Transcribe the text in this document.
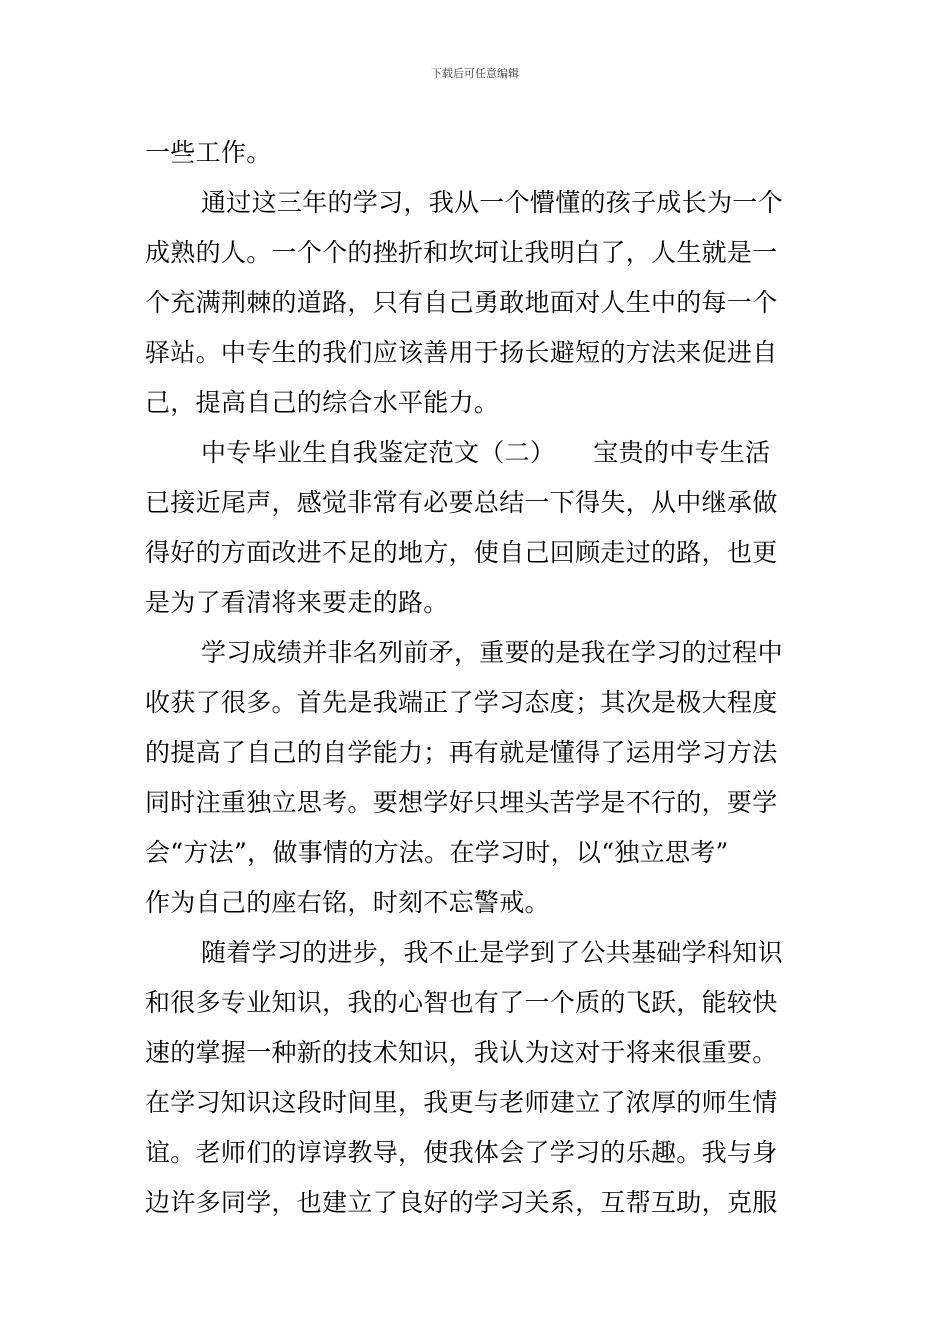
下载后可任意编辑
一些工作。
通过这三年的学习，我从一个懵懂的孩子成长为一个
成熟的人。一个个的挫折和坎坷让我明白了，人生就是一
个充满荆棘的道路，只有自己勇敢地面对人生中的每一个
驿站。中专生的我们应该善用于扬长避短的方法来促进自
己，提高自己的综合水平能力。
中专毕业生自我鉴定范文（二）　　宝贵的中专生活
已接近尾声，感觉非常有必要总结一下得失，从中继承做
得好的方面改进不足的地方，使自己回顾走过的路，也更
是为了看清将来要走的路。
学习成绩并非名列前矛，重要的是我在学习的过程中
收获了很多。首先是我端正了学习态度；其次是极大程度
的提高了自己的自学能力；再有就是懂得了运用学习方法
同时注重独立思考。要想学好只埋头苦学是不行的，要学
会“方法”，做事情的方法。在学习时，以“独立思考”
作为自己的座右铭，时刻不忘警戒。
随着学习的进步，我不止是学到了公共基础学科知识
和很多专业知识，我的心智也有了一个质的飞跃，能较快
速的掌握一种新的技术知识，我认为这对于将来很重要。
在学习知识这段时间里，我更与老师建立了浓厚的师生情
谊。老师们的谆谆教导，使我体会了学习的乐趣。我与身
边许多同学，也建立了良好的学习关系，互帮互助，克服
